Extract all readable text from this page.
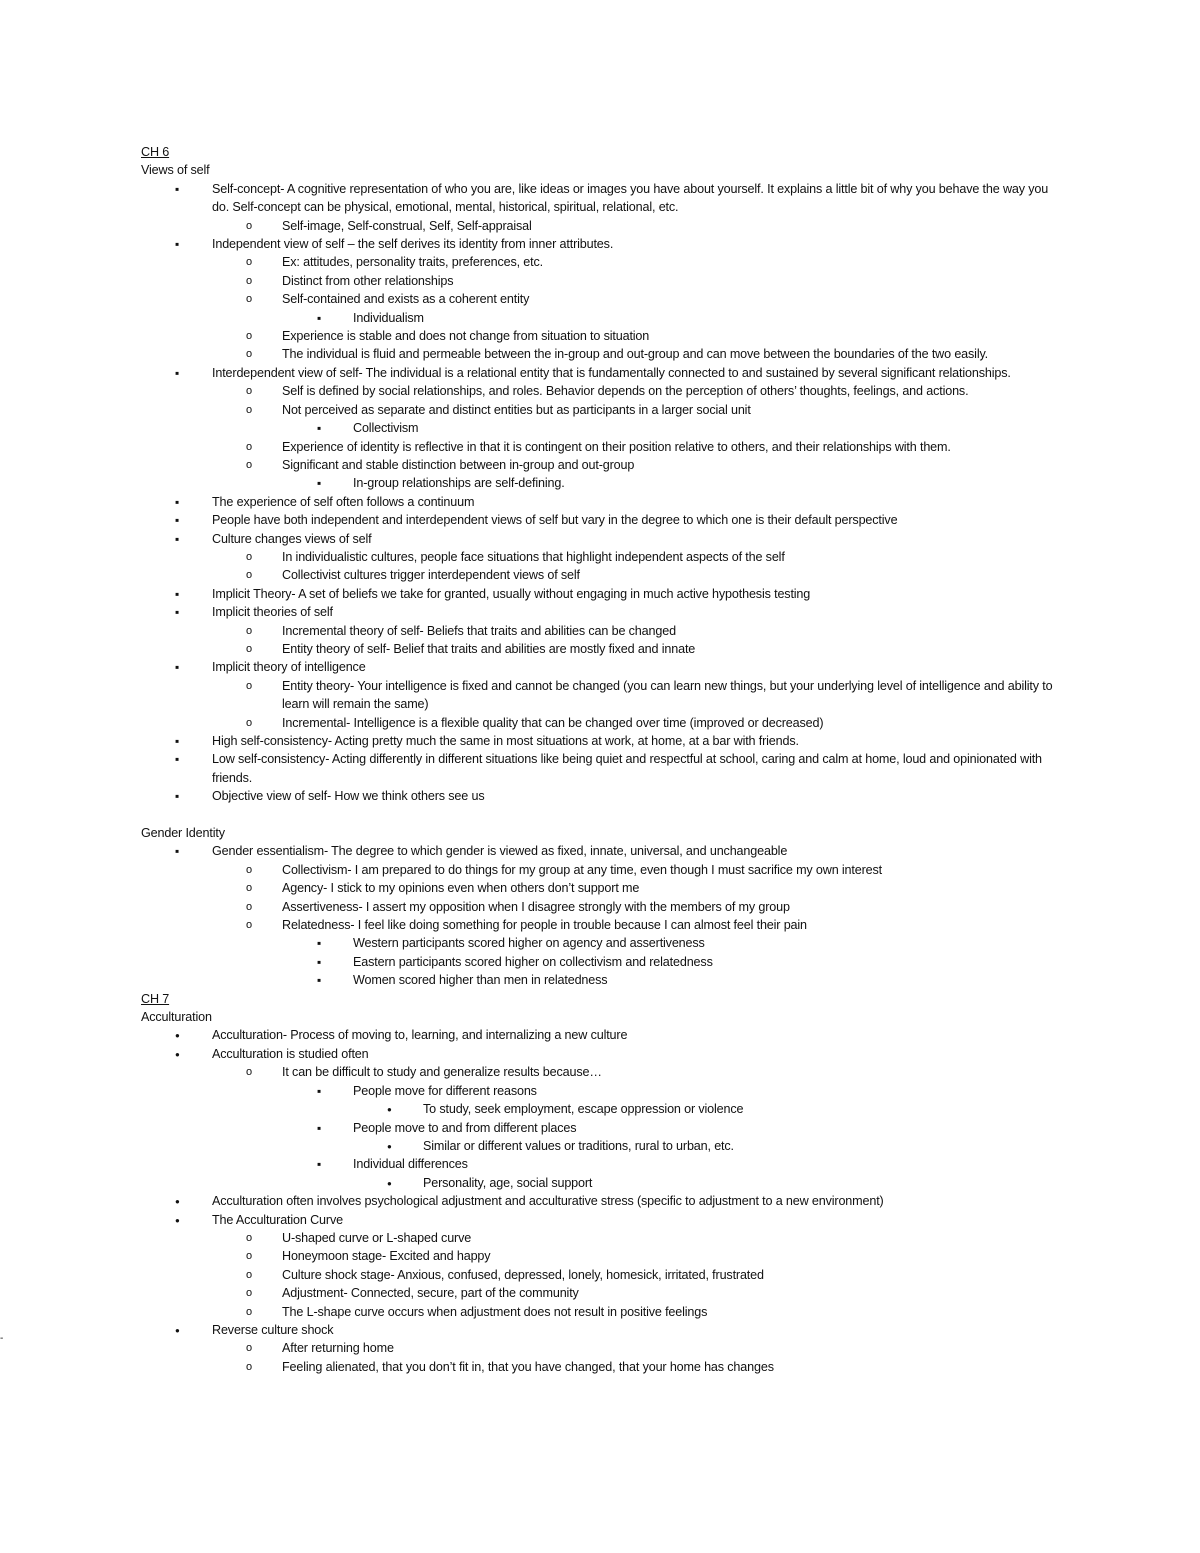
CH 6
Views of self
▪
Self-concept- A cognitive representation of who you are, like ideas or images you have about yourself. It explains a little bit of why you behave the way you do. Self-concept can be physical, emotional, mental, historical, spiritual, relational, etc.
o
Self-image, Self-construal, Self, Self-appraisal
▪
Independent view of self – the self derives its identity from inner attributes.
o
Ex: attitudes, personality traits, preferences, etc.
o
Distinct from other relationships
o
Self-contained and exists as a coherent entity
▪
Individualism
o
Experience is stable and does not change from situation to situation
o
The individual is fluid and permeable between the in-group and out-group and can move between the boundaries of the two easily.
▪
Interdependent view of self- The individual is a relational entity that is fundamentally connected to and sustained by several significant relationships.
o
Self is defined by social relationships, and roles. Behavior depends on the perception of others’ thoughts, feelings, and actions.
o
Not perceived as separate and distinct entities but as participants in a larger social unit
▪
Collectivism
o
Experience of identity is reflective in that it is contingent on their position relative to others, and their relationships with them.
o
Significant and stable distinction between in-group and out-group
▪
In-group relationships are self-defining.
▪
The experience of self often follows a continuum
▪
People have both independent and interdependent views of self but vary in the degree to which one is their default perspective
▪
Culture changes views of self
o
In individualistic cultures, people face situations that highlight independent aspects of the self
o
Collectivist cultures trigger interdependent views of self
▪
Implicit Theory- A set of beliefs we take for granted, usually without engaging in much active hypothesis testing
▪
Implicit theories of self
o
Incremental theory of self- Beliefs that traits and abilities can be changed
o
Entity theory of self- Belief that traits and abilities are mostly fixed and innate
▪
Implicit theory of intelligence
o
Entity theory- Your intelligence is fixed and cannot be changed (you can learn new things, but your underlying level of intelligence and ability to learn will remain the same)
o
Incremental- Intelligence is a flexible quality that can be changed over time (improved or decreased)
▪
High self-consistency- Acting pretty much the same in most situations at work, at home, at a bar with friends.
▪
Low self-consistency- Acting differently in different situations like being quiet and respectful at school, caring and calm at home, loud and opinionated with friends.
▪
Objective view of self- How we think others see us
Gender Identity
▪
Gender essentialism- The degree to which gender is viewed as fixed, innate, universal, and unchangeable
o
Collectivism- I am prepared to do things for my group at any time, even though I must sacrifice my own interest
o
Agency- I stick to my opinions even when others don’t support me
o
Assertiveness- I assert my opposition when I disagree strongly with the members of my group
o
Relatedness- I feel like doing something for people in trouble because I can almost feel their pain
▪
Western participants scored higher on agency and assertiveness
▪
Eastern participants scored higher on collectivism and relatedness
▪
Women scored higher than men in relatedness
CH 7
Acculturation
●
Acculturation- Process of moving to, learning, and internalizing a new culture
●
Acculturation is studied often
o
It can be difficult to study and generalize results because…
▪
People move for different reasons
●
To study, seek employment, escape oppression or violence
▪
People move to and from different places
●
Similar or different values or traditions, rural to urban, etc.
▪
Individual differences
●
Personality, age, social support
●
Acculturation often involves psychological adjustment and acculturative stress (specific to adjustment to a new environment)
●
The Acculturation Curve
o
U-shaped curve or L-shaped curve
o
Honeymoon stage- Excited and happy
o
Culture shock stage- Anxious, confused, depressed, lonely, homesick, irritated, frustrated
o
Adjustment- Connected, secure, part of the community
o
The L-shape curve occurs when adjustment does not result in positive feelings
●
Reverse culture shock
o
After returning home
o
Feeling alienated, that you don’t fit in, that you have changed, that your home has changes
-
